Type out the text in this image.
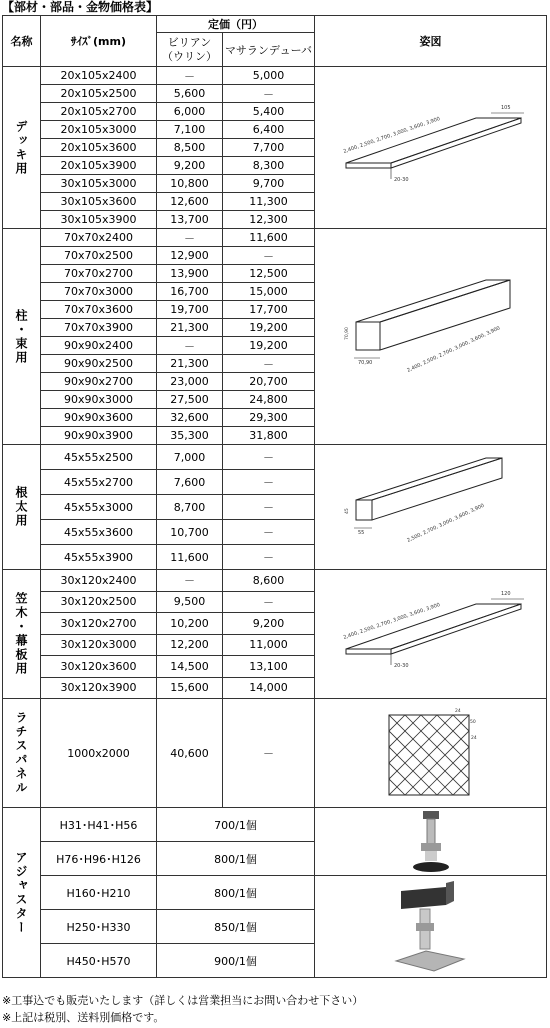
【部材・部品・金物価格表】
名称	ｻｲｽﾞ(mm)	定価（円）		姿図
		ビリアン
（ウリン）	マサランデューバ	

デッキ用	20x105x2400	－	5,000	2,400, 2,500, 2,700, 3,000, 3,600, 3,900
105
20-30

	20x105x2500	5,600	－	
	20x105x2700	6,000	5,400	
	20x105x3000	7,100	6,400	
	20x105x3600	8,500	7,700	
	20x105x3900	9,200	8,300	
	30x105x3000	10,800	9,700	
	30x105x3600	12,600	11,300	
	30x105x3900	13,700	12,300	

柱・束用	70x70x2400	－	11,600	2,400, 2,500, 2,700, 3,000, 3,600, 3,900
70,90
70,90

	70x70x2500	12,900	－	
	70x70x2700	13,900	12,500	
	70x70x3000	16,700	15,000	
	70x70x3600	19,700	17,700	
	70x70x3900	21,300	19,200	
	90x90x2400	－	19,200	
	90x90x2500	21,300	－	
	90x90x2700	23,000	20,700	
	90x90x3000	27,500	24,800	
	90x90x3600	32,600	29,300	
	90x90x3900	35,300	31,800	

根太用	45x55x2500	7,000	－	2,500, 2,700, 3,000, 3,600, 3,900
45
55

	45x55x2700	7,600	－	
	45x55x3000	8,700	－	
	45x55x3600	10,700	－	
	45x55x3900	11,600	－	

笠木・幕板用	30x120x2400	－	8,600	2,400, 2,500, 2,700, 3,000, 3,600, 3,900
120
20-30

	30x120x2500	9,500	－	
	30x120x2700	10,200	9,200	
	30x120x3000	12,200	11,000	
	30x120x3600	14,500	13,100	
	30x120x3900	15,600	14,000	

ラチスパネル	1000x2000	40,600	－	24
50
24

アジャスター	H31･H41･H56	700/1個	

	H76･H96･H126	800/1個		
	H160･H210	800/1個	

	H250･H330	850/1個		
	H450･H570	900/1個		
※工事込でも販売いたします（詳しくは営業担当にお問い合わせ下さい）
※上記は税別、送料別価格です。
